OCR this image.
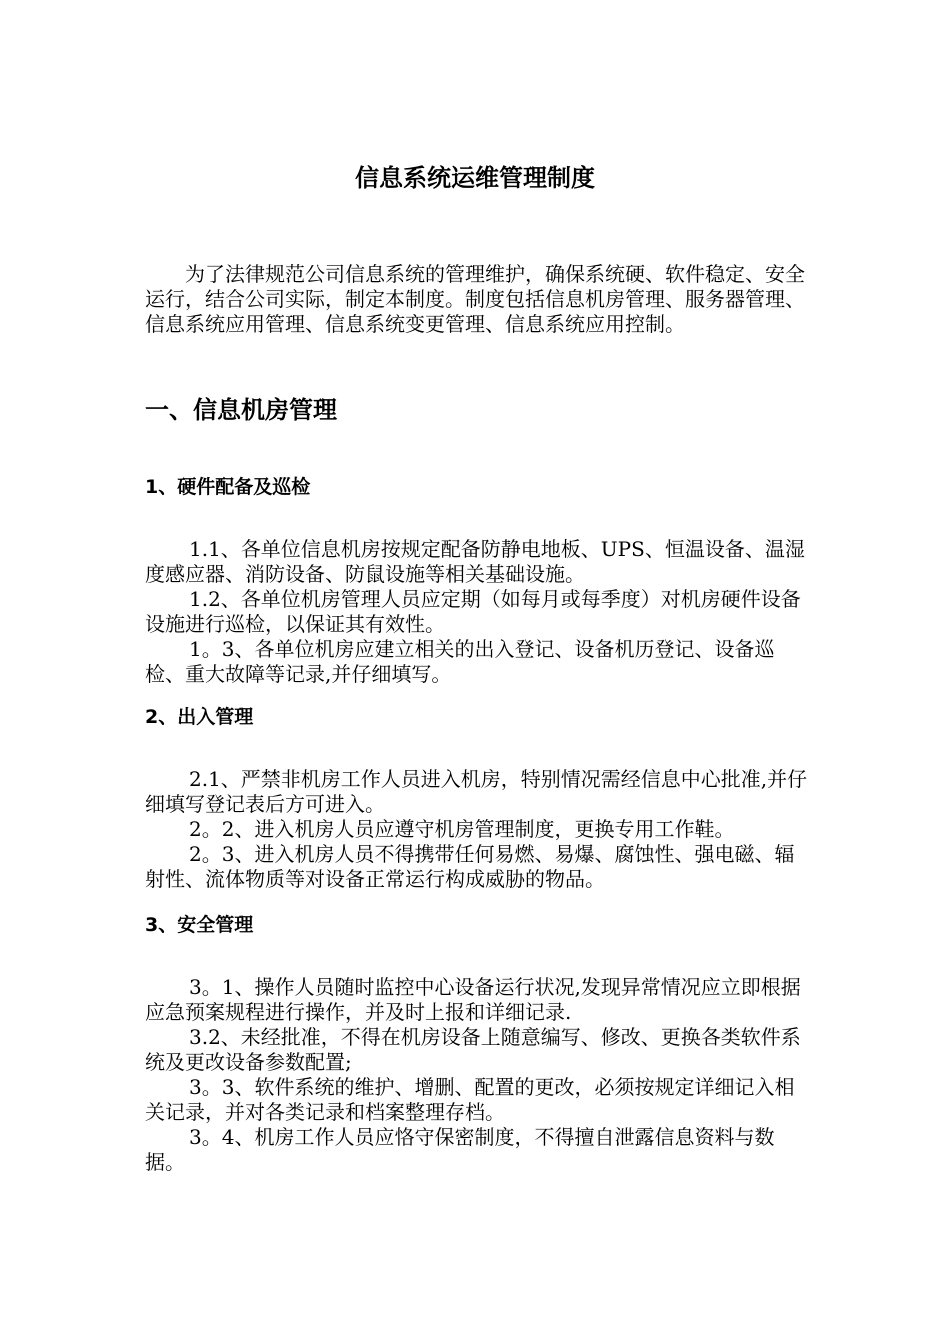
信息系统运维管理制度

为了法律规范公司信息系统的管理维护，确保系统硬、软件稳定、安全运行，结合公司实际，制定本制度。制度包括信息机房管理、服务器管理、信息系统应用管理、信息系统变更管理、信息系统应用控制。

一、信息机房管理
1、硬件配备及巡检

1.1、各单位信息机房按规定配备防静电地板、UPS、恒温设备、温湿度感应器、消防设备、防鼠设施等相关基础设施。

1.2、各单位机房管理人员应定期（如每月或每季度）对机房硬件设备设施进行巡检，以保证其有效性。

1。3、各单位机房应建立相关的出入登记、设备机历登记、设备巡检、重大故障等记录,并仔细填写。

2、出入管理

2.1、严禁非机房工作人员进入机房，特别情况需经信息中心批准,并仔细填写登记表后方可进入。

2。2、进入机房人员应遵守机房管理制度，更换专用工作鞋。

2。3、进入机房人员不得携带任何易燃、易爆、腐蚀性、强电磁、辐射性、流体物质等对设备正常运行构成威胁的物品。

3、安全管理

3。1、操作人员随时监控中心设备运行状况,发现异常情况应立即根据应急预案规程进行操作，并及时上报和详细记录.

3.2、未经批准，不得在机房设备上随意编写、修改、更换各类软件系统及更改设备参数配置;

3。3、软件系统的维护、增删、配置的更改，必须按规定详细记入相关记录，并对各类记录和档案整理存档。

3。4、机房工作人员应恪守保密制度，不得擅自泄露信息资料与数据。
